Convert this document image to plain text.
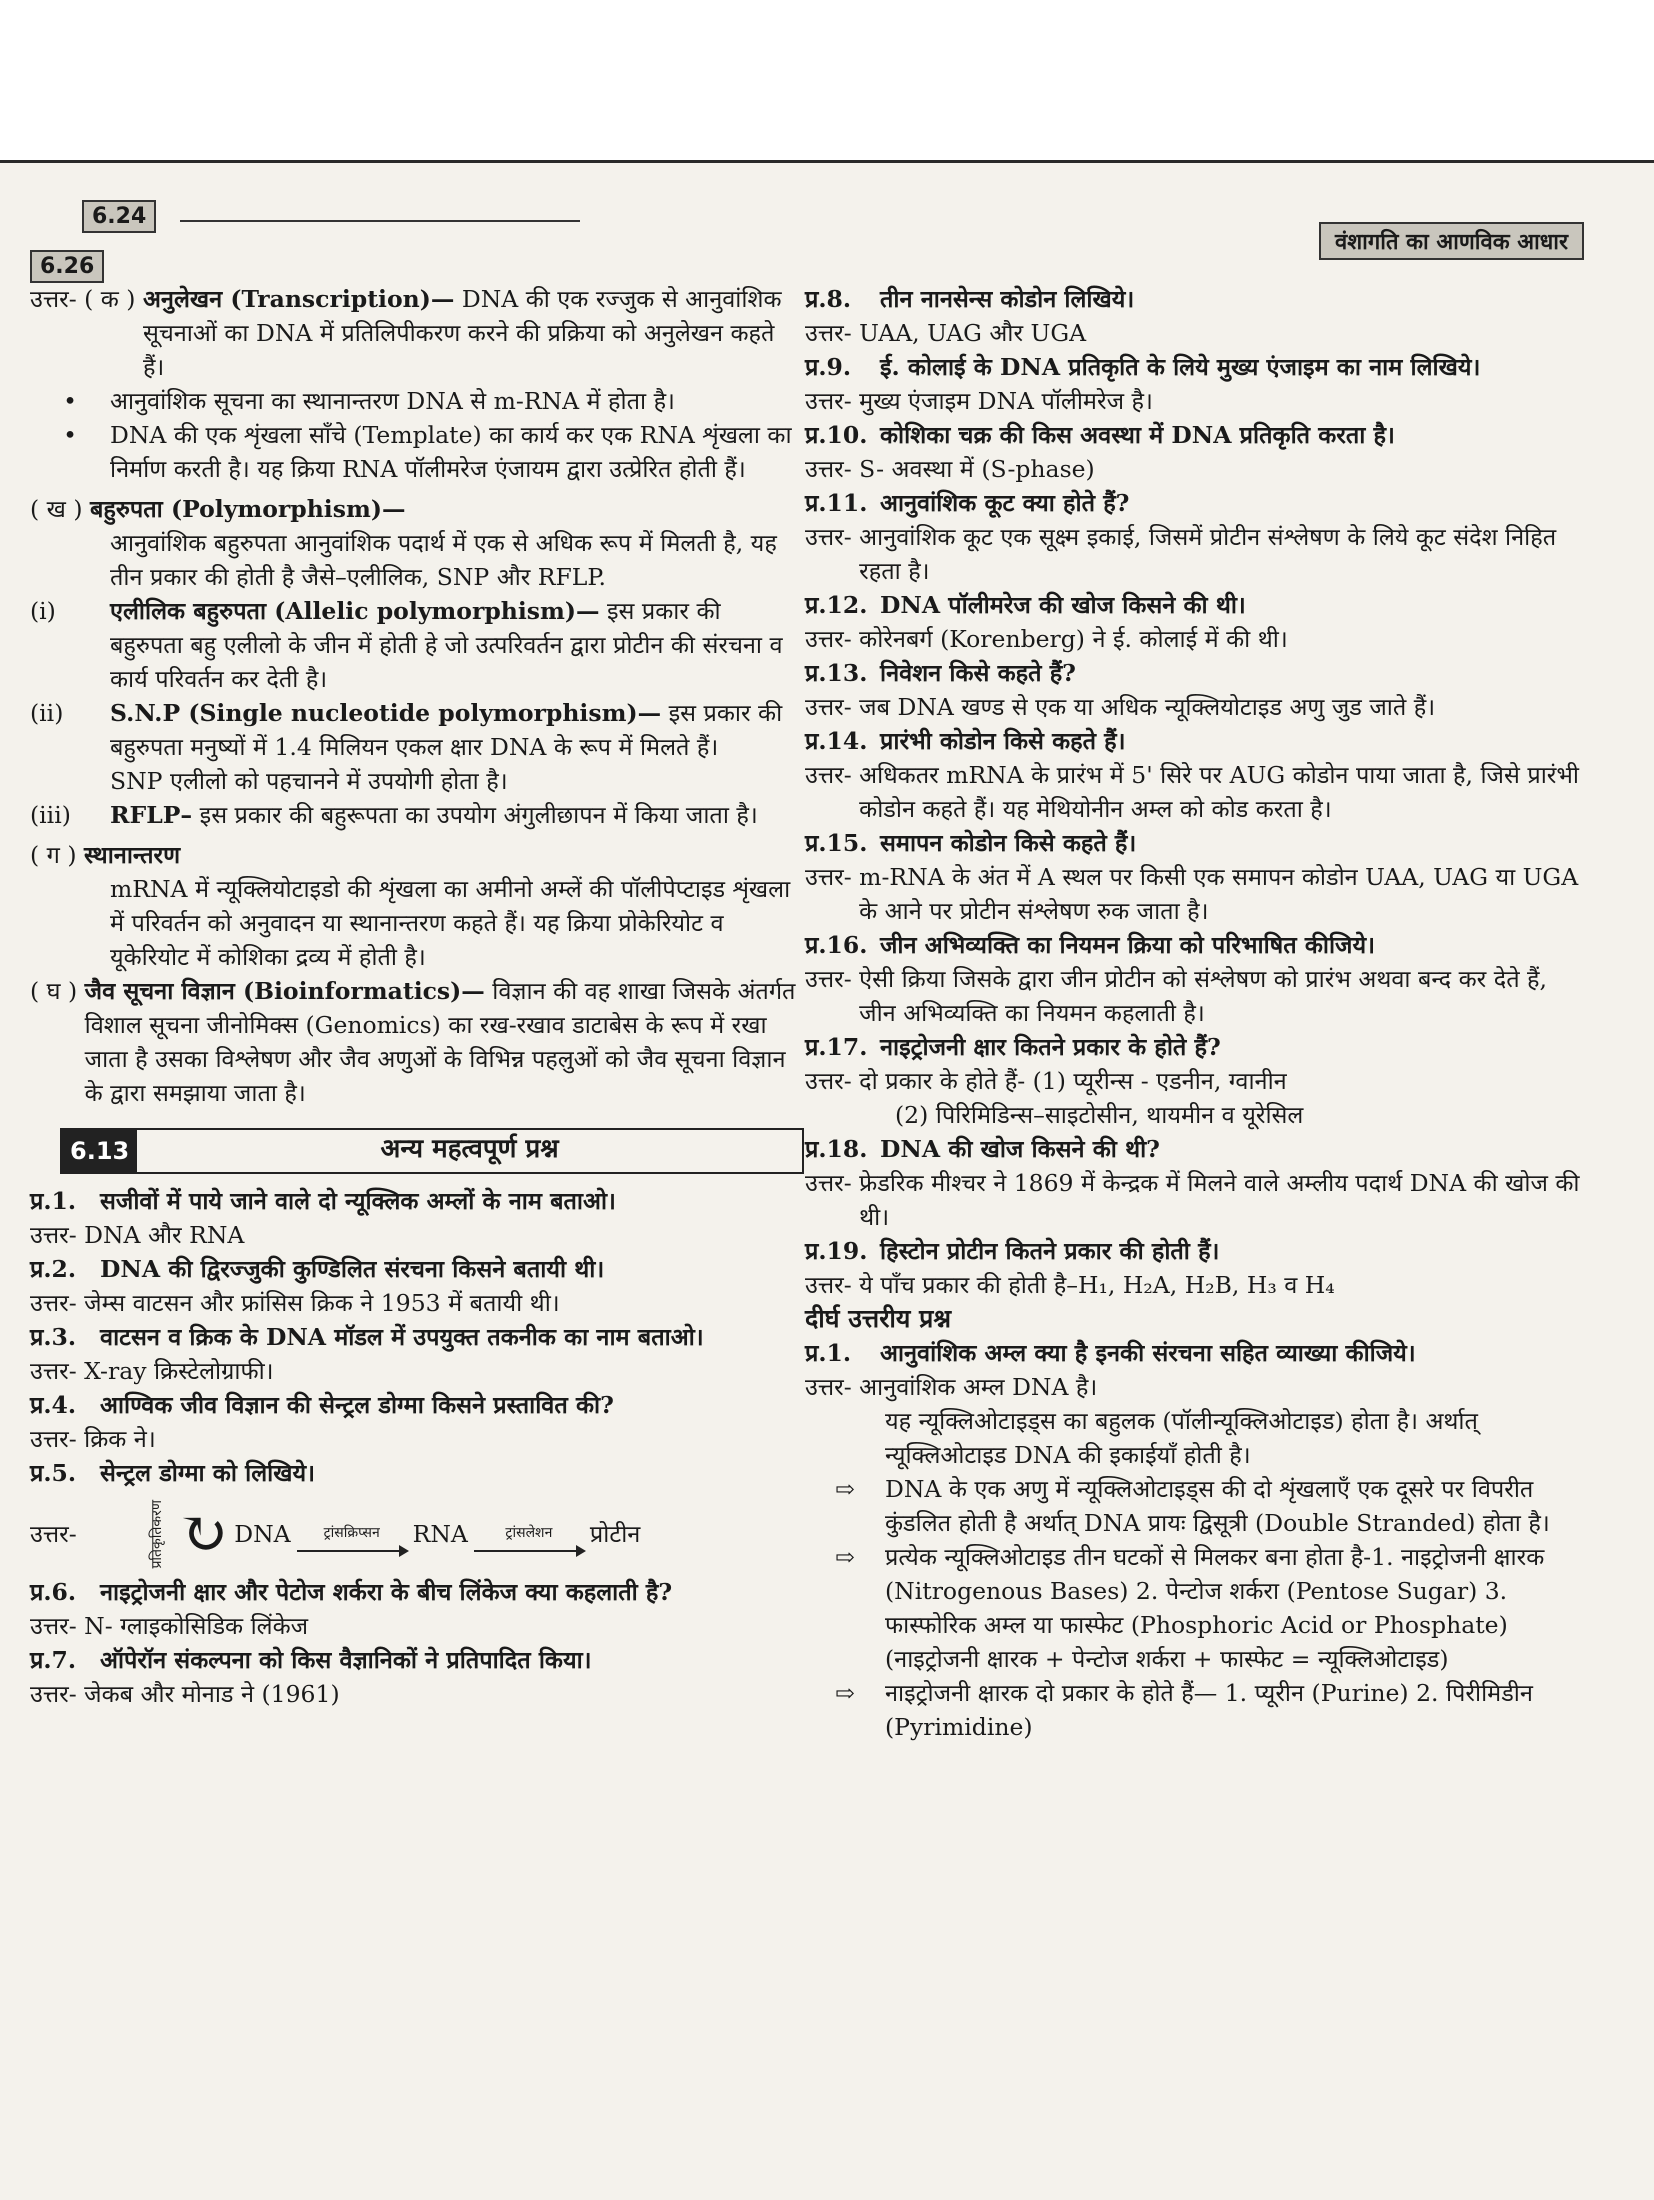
6.24
6.26
वंशागति का आणविक आधार
उत्तर- ( क )
अनुलेखन (Transcription)— DNA की एक रज्जुक से आनुवांशिक सूचनाओं का DNA में प्रतिलिपीकरण करने की प्रक्रिया को अनुलेखन कहते हैं।
•	आनुवांशिक सूचना का स्थानान्तरण DNA से m-RNA में होता है।
•	DNA की एक शृंखला साँचे (Template) का कार्य कर एक RNA शृंखला का निर्माण करती है। यह क्रिया RNA पॉलीमरेज एंजायम द्वारा उत्प्रेरित होती हैं।
( ख )
बहुरुपता (Polymorphism)—
आनुवांशिक बहुरुपता आनुवांशिक पदार्थ में एक से अधिक रूप में मिलती है, यह तीन प्रकार की होती है जैसे–एलीलिक, SNP और RFLP.
(i)	एलीलिक बहुरुपता (Allelic polymorphism)— इस प्रकार की बहुरुपता बहु एलीलो के जीन में होती हे जो उत्परिवर्तन द्वारा प्रोटीन की संरचना व कार्य परिवर्तन कर देती है।
(ii)	S.N.P (Single nucleotide polymorphism)— इस प्रकार की बहुरुपता मनुष्यों में 1.4 मिलियन एकल क्षार DNA के रूप में मिलते हैं।
SNP एलीलो को पहचानने में उपयोगी होता है।
(iii)	RFLP– इस प्रकार की बहुरूपता का उपयोग अंगुलीछापन में किया जाता है।
( ग )
स्थानान्तरण
mRNA में न्यूक्लियोटाइडो की शृंखला का अमीनो अम्लें की पॉलीपेप्टाइड शृंखला में परिवर्तन को अनुवादन या स्थानान्तरण कहते हैं। यह क्रिया प्रोकेरियोट व यूकेरियोट में कोशिका द्रव्य में होती है।
( घ )
जैव सूचना विज्ञान (Bioinformatics)— विज्ञान की वह शाखा जिसके अंतर्गत विशाल सूचना जीनोमिक्स (Genomics) का रख-रखाव डाटाबेस के रूप में रखा जाता है उसका विश्लेषण और जैव अणुओं के विभिन्न पहलुओं को जैव सूचना विज्ञान के द्वारा समझाया जाता है।
6.13	अन्य महत्वपूर्ण प्रश्न
प्र.1.	सजीवों में पाये जाने वाले दो न्यूक्लिक अम्लों के नाम बताओ।
उत्तर-
DNA और RNA
प्र.2.	DNA की द्विरज्जुकी कुण्डिलित संरचना किसने बतायी थी।
उत्तर-
जेम्स वाटसन और फ्रांसिस क्रिक ने 1953 में बतायी थी।
प्र.3.	वाटसन व क्रिक के DNA मॉडल में उपयुक्त तकनीक का नाम बताओ।
उत्तर-
X-ray क्रिस्टेलोग्राफी।
प्र.4.	आण्विक जीव विज्ञान की सेन्ट्रल डोग्मा किसने प्रस्तावित की?
उत्तर-
क्रिक ने।
प्र.5.	सेन्ट्रल डोग्मा को लिखिये।
उत्तर-	प्रतिकृतिकरण ↻ DNA ट्रांसक्रिप्सन RNA	ट्रांसलेशन प्रोटीन
प्र.6.	नाइट्रोजनी क्षार और पेटोज शर्करा के बीच लिंकेज क्या कहलाती है?
उत्तर-
N- ग्लाइकोसिडिक लिंकेज
प्र.7.	ऑपेरॉन संकल्पना को किस वैज्ञानिकों ने प्रतिपादित किया।
उत्तर-
जेकब और मोनाड ने (1961)
प्र.8.	तीन नानसेन्स कोडोन लिखिये।
उत्तर-
UAA, UAG और UGA
प्र.9.	ई. कोलाई के DNA प्रतिकृति के लिये मुख्य एंजाइम का नाम लिखिये।
उत्तर-
मुख्य एंजाइम DNA पॉलीमरेज है।
प्र.10. कोशिका चक्र की किस अवस्था में DNA प्रतिकृति करता है।
उत्तर-
S- अवस्था में (S-phase)
प्र.11. आनुवांशिक कूट क्या होते हैं?
उत्तर-
आनुवांशिक कूट एक सूक्ष्म इकाई, जिसमें प्रोटीन संश्लेषण के लिये कूट संदेश निहित रहता है।
प्र.12. DNA पॉलीमरेज की खोज किसने की थी।
उत्तर-
कोरेनबर्ग (Korenberg) ने ई. कोलाई में की थी।
प्र.13. निवेशन किसे कहते हैं?
उत्तर-
जब DNA खण्ड से एक या अधिक न्यूक्लियोटाइड अणु जुड जाते हैं।
प्र.14. प्रारंभी कोडोन किसे कहते हैं।
उत्तर-
अधिकतर mRNA के प्रारंभ में 5' सिरे पर AUG कोडोन पाया जाता है, जिसे प्रारंभी कोडोन कहते हैं। यह मेथियोनीन अम्ल को कोड करता है।
प्र.15. समापन कोडोन किसे कहते हैं।
उत्तर-
m-RNA के अंत में A स्थल पर किसी एक समापन कोडोन UAA, UAG या UGA के आने पर प्रोटीन संश्लेषण रुक जाता है।
प्र.16. जीन अभिव्यक्ति का नियमन क्रिया को परिभाषित कीजिये।
उत्तर-
ऐसी क्रिया जिसके द्वारा जीन प्रोटीन को संश्लेषण को प्रारंभ अथवा बन्द कर देते हैं, जीन अभिव्यक्ति का नियमन कहलाती है।
प्र.17. नाइट्रोजनी क्षार कितने प्रकार के होते हैं?
उत्तर-
दो प्रकार के होते हैं- (1) प्यूरीन्स - एडनीन, ग्वानीन
(2) पिरिमिडिन्स–साइटोसीन, थायमीन व यूरेसिल
प्र.18. DNA की खोज किसने की थी?
उत्तर-
फ्रेडरिक मीश्चर ने 1869 में केन्द्रक में मिलने वाले अम्लीय पदार्थ DNA की खोज की थी।
प्र.19. हिस्टोन प्रोटीन कितने प्रकार की होती हैं।
उत्तर-
ये पाँच प्रकार की होती है–H₁, H₂A, H₂B, H₃ व H₄
दीर्घ उत्तरीय प्रश्न
प्र.1.	आनुवांशिक अम्ल क्या है इनकी संरचना सहित व्याख्या कीजिये।
उत्तर-
आनुवांशिक अम्ल DNA है।
यह न्यूक्लिओटाइड्स का बहुलक (पॉलीन्यूक्लिओटाइड) होता है। अर्थात् न्यूक्लिओटाइड DNA की इकाईयाँ होती है।
⇨	DNA के एक अणु में न्यूक्लिओटाइड्स की दो शृंखलाएँ एक दूसरे पर विपरीत कुंडलित होती है अर्थात् DNA प्रायः द्विसूत्री (Double Stranded) होता है।
⇨	प्रत्येक न्यूक्लिओटाइड तीन घटकों से मिलकर बना होता है-1. नाइट्रोजनी क्षारक (Nitrogenous Bases) 2. पेन्टोज शर्करा (Pentose Sugar) 3. फास्फोरिक अम्ल या फास्फेट (Phosphoric Acid or Phosphate)
(नाइट्रोजनी क्षारक + पेन्टोज शर्करा + फास्फेट = न्यूक्लिओटाइड)
⇨	नाइट्रोजनी क्षारक दो प्रकार के होते हैं— 1. प्यूरीन (Purine) 2. पिरीमिडीन (Pyrimidine)
